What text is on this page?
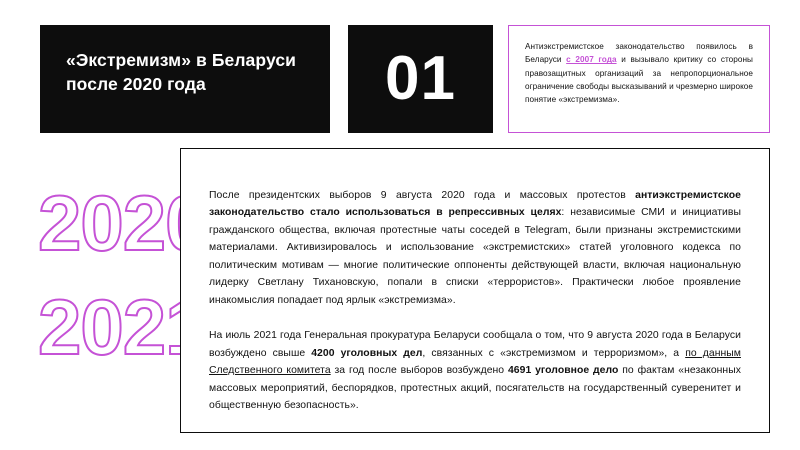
2020
2021
«Экстремизм» в Беларуси после 2020 года	01	Антиэкстремистское законодательство появилось в Беларуси с 2007 года и вызывало критику со стороны правозащитных организаций за непропорциональное ограничение свободы высказываний и чрезмерно широкое понятие «экстремизма».
После президентских выборов 9 августа 2020 года и массовых протестов антиэкстремистское законодательство стало использоваться в репрессивных целях: независимые СМИ и инициативы гражданского общества, включая протестные чаты соседей в Telegram, были признаны экстремистскими материалами. Активизировалось и использование «экстремистских» статей уголовного кодекса по политическим мотивам — многие политические оппоненты действующей власти, включая национальную лидерку Светлану Тихановскую, попали в списки «террористов». Практически любое проявление инакомыслия попадает под ярлык «экстремизма».
На июль 2021 года Генеральная прокуратура Беларуси сообщала о том, что 9 августа 2020 года в Беларуси возбуждено свыше 4200 уголовных дел, связанных с «экстремизмом и терроризмом», а по данным Следственного комитета за год после выборов возбуждено 4691 уголовное дело по фактам «незаконных массовых мероприятий, беспорядков, протестных акций, посягательств на государственный суверенитет и общественную безопасность».
